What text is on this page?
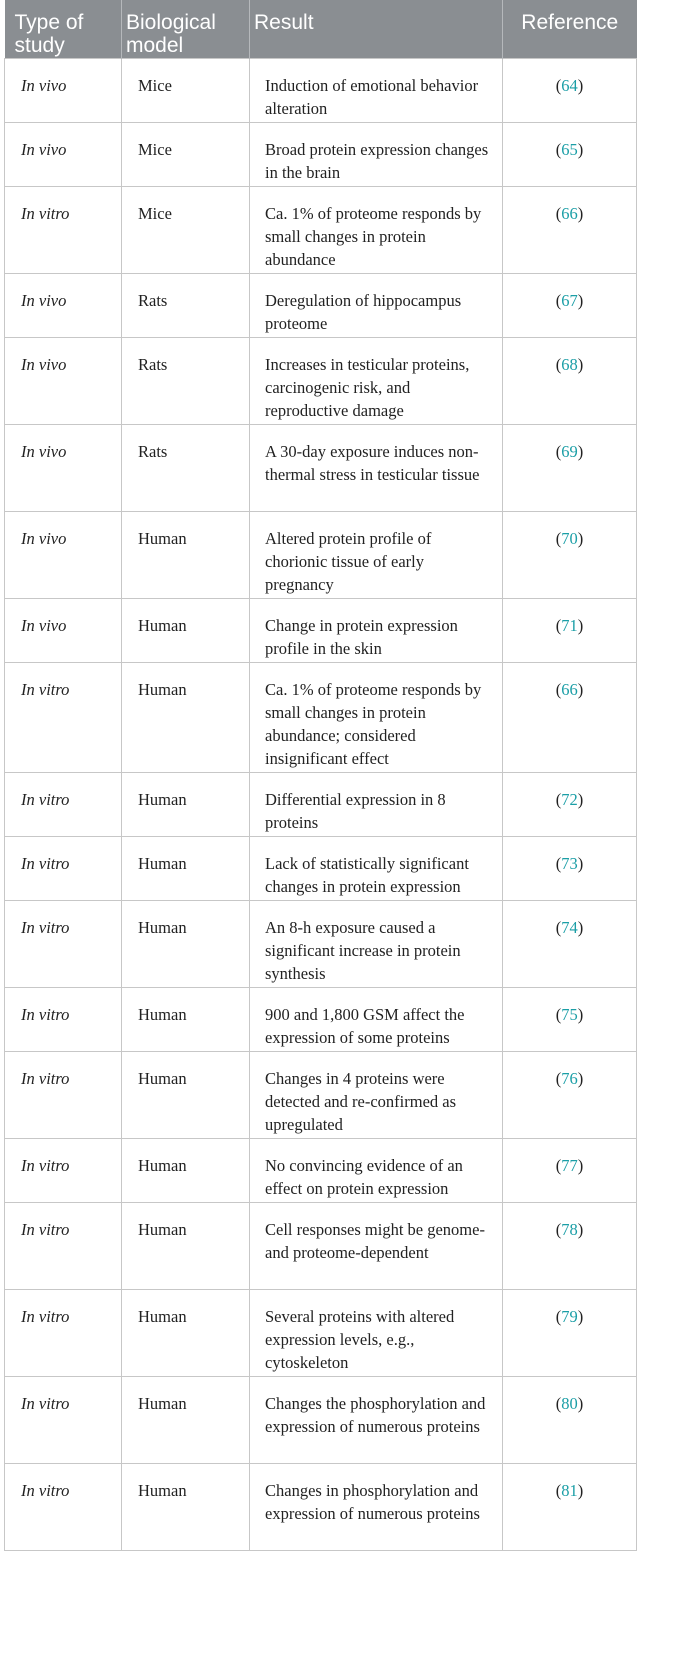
Type of study	Biological model	Result	Reference
In vivo	Mice	Induction of emotional behavior alteration	(64)
In vivo	Mice	Broad protein expression changes in the brain	(65)
In vitro	Mice	Ca. 1% of proteome responds by small changes in protein abundance	(66)
In vivo	Rats	Deregulation of hippocampus proteome	(67)
In vivo	Rats	Increases in testicular proteins, carcinogenic risk, and reproductive damage	(68)
In vivo	Rats	A 30-day exposure induces non-thermal stress in testicular tissue	(69)
In vivo	Human	Altered protein profile of chorionic tissue of early pregnancy	(70)
In vivo	Human	Change in protein expression profile in the skin	(71)
In vitro	Human	Ca. 1% of proteome responds by small changes in protein abundance; considered insignificant effect	(66)
In vitro	Human	Differential expression in 8 proteins	(72)
In vitro	Human	Lack of statistically significant changes in protein expression	(73)
In vitro	Human	An 8-h exposure caused a significant increase in protein synthesis	(74)
In vitro	Human	900 and 1,800 GSM affect the expression of some proteins	(75)
In vitro	Human	Changes in 4 proteins were detected and re-confirmed as upregulated	(76)
In vitro	Human	No convincing evidence of an effect on protein expression	(77)
In vitro	Human	Cell responses might be genome- and proteome-dependent	(78)
In vitro	Human	Several proteins with altered expression levels, e.g., cytoskeleton	(79)
In vitro	Human	Changes the phosphorylation and expression of numerous proteins	(80)
In vitro	Human	Changes in phosphorylation and expression of numerous proteins	(81)
